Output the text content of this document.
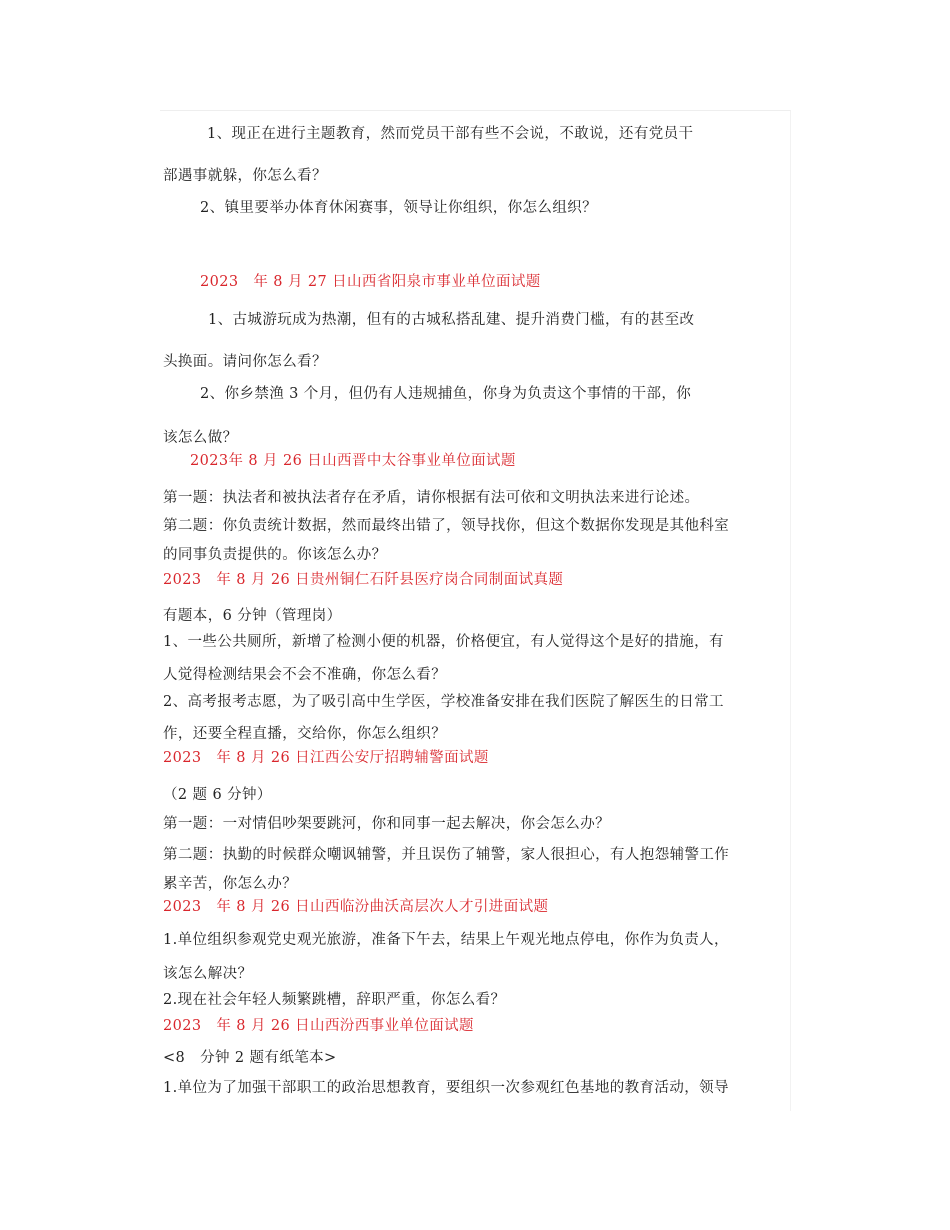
1、现正在进行主题教育，然而党员干部有些不会说，不敢说，还有党员干
部遇事就躲，你怎么看？
2、镇里要举办体育休闲赛事，领导让你组织，你怎么组织？
2023　年 8 月 27 日山西省阳泉市事业单位面试题
1、古城游玩成为热潮，但有的古城私搭乱建、提升消费门槛，有的甚至改
头换面。请问你怎么看？
2、你乡禁渔 3 个月，但仍有人违规捕鱼，你身为负责这个事情的干部，你
该怎么做？
2023年 8 月 26 日山西晋中太谷事业单位面试题
第一题：执法者和被执法者存在矛盾，请你根据有法可依和文明执法来进行论述。
第二题：你负责统计数据，然而最终出错了，领导找你，但这个数据你发现是其他科室
的同事负责提供的。你该怎么办？
2023　年 8 月 26 日贵州铜仁石阡县医疗岗合同制面试真题
有题本，6 分钟（管理岗）
1、一些公共厕所，新增了检测小便的机器，价格便宜，有人觉得这个是好的措施，有
人觉得检测结果会不会不准确，你怎么看？
2、高考报考志愿，为了吸引高中生学医，学校准备安排在我们医院了解医生的日常工
作，还要全程直播，交给你，你怎么组织？
2023　年 8 月 26 日江西公安厅招聘辅警面试题
（2 题 6 分钟）
第一题：一对情侣吵架要跳河，你和同事一起去解决，你会怎么办？
第二题：执勤的时候群众嘲讽辅警，并且误伤了辅警，家人很担心，有人抱怨辅警工作
累辛苦，你怎么办？
2023　年 8 月 26 日山西临汾曲沃高层次人才引进面试题
1.单位组织参观党史观光旅游，准备下午去，结果上午观光地点停电，你作为负责人，
该怎么解决？
2.现在社会年轻人频繁跳槽，辞职严重，你怎么看？
2023　年 8 月 26 日山西汾西事业单位面试题
<8　分钟 2 题有纸笔本>
1.单位为了加强干部职工的政治思想教育，要组织一次参观红色基地的教育活动，领导
